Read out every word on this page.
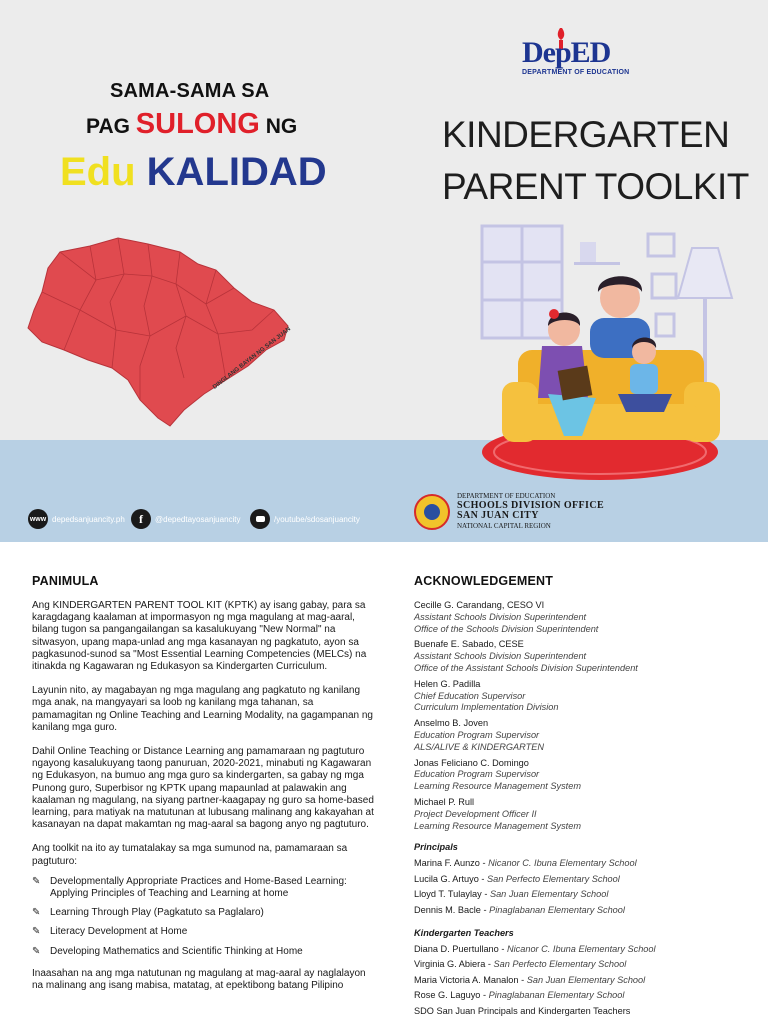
SAMA-SAMA SA
PAG SULONG NG
Edu KALIDAD
DepED
DEPARTMENT OF EDUCATION
KINDERGARTEN
PARENT TOOLKIT
DINGLANG BAYAN NG SAN JUAN
www depedsanjuancity.ph	f	@depedtayosanjuancity	/youtube/sdosanjuancity
DEPARTMENT OF EDUCATION
SCHOOLS DIVISION OFFICE
SAN JUAN CITY
NATIONAL CAPITAL REGION
PANIMULA

Ang KINDERGARTEN PARENT TOOL KIT (KPTK) ay isang gabay, para sa karagdagang kaalaman at impormasyon ng mga magulang at mag-aaral, bilang tugon sa pangangailangan sa kasalukuyang "New Normal" na sitwasyon, upang mapa-unlad ang mga kasanayan ng pagkatuto, ayon sa pagkasunod-sunod sa "Most Essential Learning Competencies (MELCs) na itinakda ng Kagawaran ng Edukasyon sa Kindergarten Curriculum.

Layunin nito, ay magabayan ng mga magulang ang pagkatuto ng kanilang mga anak, na mangyayari sa loob ng kanilang mga tahanan, sa pamamagitan ng Online Teaching and Learning Modality, na gagampanan ng kanilang mga guro.

Dahil Online Teaching or Distance Learning ang pamamaraan ng pagtuturo ngayong kasalukuyang taong panuruan, 2020-2021, minabuti ng Kagawaran ng Edukasyon, na bumuo ang mga guro sa kindergarten, sa gabay ng mga Punong guro, Superbisor ng KPTK upang mapaunlad at palawakin ang kaalaman ng magulang, na siyang partner-kaagapay ng guro sa home-based learning, para matiyak na matutunan at lubusang malinang ang kakayahan at kasanayan na dapat makamtan ng mag-aaral sa bagong anyo ng pagtuturo.

Ang toolkit na ito ay tumatalakay sa mga sumunod na, pamamaraan sa pagtuturo:

✎ Developmentally Appropriate Practices and Home-Based Learning: Applying Principles of Teaching and Learning at home
✎ Learning Through Play (Pagkatuto sa Paglalaro)
✎ Literacy Development at Home
✎ Developing Mathematics and Scientific Thinking at Home

Inaasahan na ang mga natutunan ng magulang at mag-aaral ay naglalayon na malinang ang isang mabisa, matatag, at epektibong batang Pilipino

ACKNOWLEDGEMENT
Cecille G. Carandang, CESO VI
Assistant Schools Division Superintendent
Office of the Schools Division Superintendent
Buenafe E. Sabado, CESE
Assistant Schools Division Superintendent
Office of the Assistant Schools Division Superintendent
Helen G. Padilla
Chief Education Supervisor
Curriculum Implementation Division
Anselmo B. Joven
Education Program Supervisor
ALS/ALIVE & KINDERGARTEN
Jonas Feliciano C. Domingo
Education Program Supervisor
Learning Resource Management System
Michael P. Rull
Project Development Officer II
Learning Resource Management System
Principals
Marina F. Aunzo - Nicanor C. Ibuna Elementary School
Lucila G. Artuyo - San Perfecto Elementary School
Lloyd T. Tulaylay - San Juan Elementary School
Dennis M. Bacle - Pinaglabanan Elementary School
Kindergarten Teachers
Diana D. Puertullano - Nicanor C. Ibuna Elementary School
Virginia G. Abiera - San Perfecto Elementary School
Maria Victoria A. Manalon - San Juan Elementary School
Rose G. Laguyo - Pinaglabanan Elementary School
SDO San Juan Principals and Kindergarten Teachers
